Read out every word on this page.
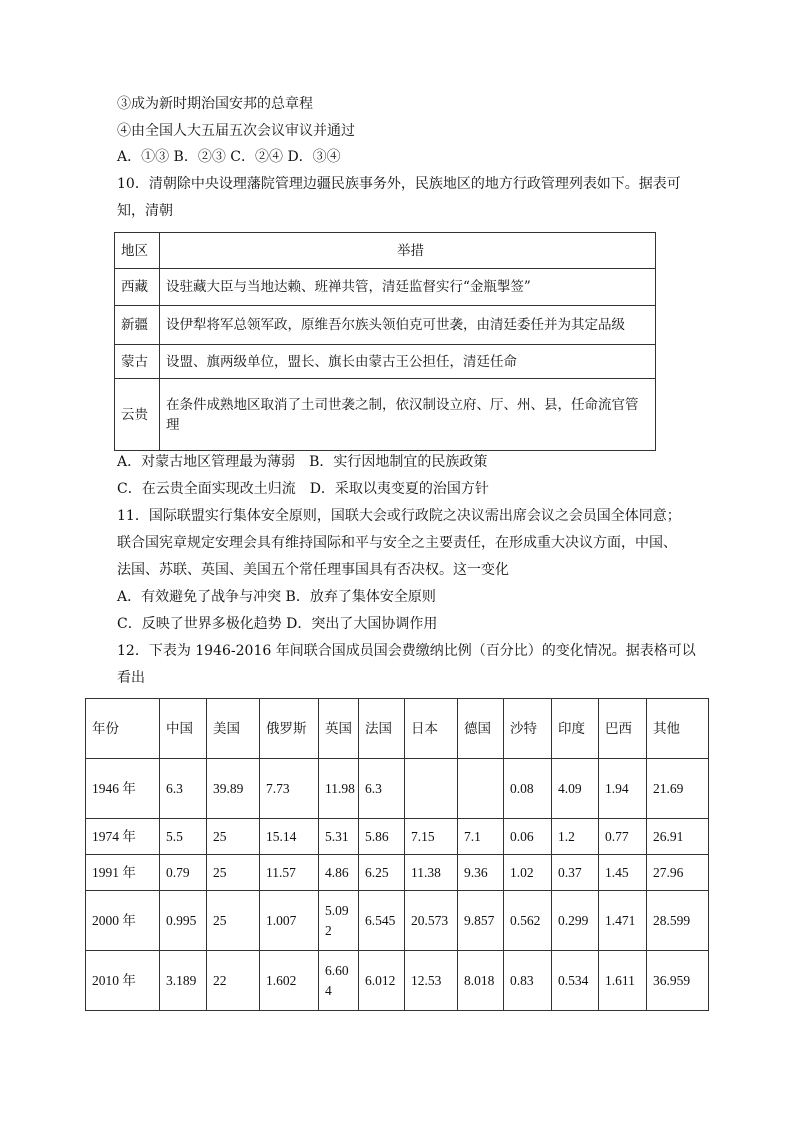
③成为新时期治国安邦的总章程
④由全国人大五届五次会议审议并通过
A．①③ B．②③ C．②④ D．③④
10．清朝除中央设理藩院管理边疆民族事务外，民族地区的地方行政管理列表如下。据表可
知，清朝
地区	举措
西藏	设驻藏大臣与当地达赖、班禅共管，清廷监督实行“金瓶掣签”
新疆	设伊犁将军总领军政，原维吾尔族头领伯克可世袭，由清廷委任并为其定品级
蒙古	设盟、旗两级单位，盟长、旗长由蒙古王公担任，清廷任命
云贵	在条件成熟地区取消了土司世袭之制，依汉制设立府、厅、州、县，任命流官管理
A．对蒙古地区管理最为薄弱　B．实行因地制宜的民族政策
C．在云贵全面实现改土归流　D．采取以夷变夏的治国方针
11．国际联盟实行集体安全原则，国联大会或行政院之决议需出席会议之会员国全体同意；
联合国宪章规定安理会具有维持国际和平与安全之主要责任，在形成重大决议方面，中国、
法国、苏联、英国、美国五个常任理事国具有否决权。这一变化
A．有效避免了战争与冲突 B．放弃了集体安全原则
C．反映了世界多极化趋势 D．突出了大国协调作用
12．下表为 1946-2016 年间联合国成员国会费缴纳比例（百分比）的变化情况。据表格可以
看出
年份	中国	美国	俄罗斯	英国	法国	日本	德国	沙特	印度	巴西	其他
1946 年	6.3	39.89	7.73	11.98	6.3			0.08	4.09	1.94	21.69
1974 年	5.5	25	15.14	5.31	5.86	7.15	7.1	0.06	1.2	0.77	26.91
1991 年	0.79	25	11.57	4.86	6.25	11.38	9.36	1.02	0.37	1.45	27.96
2000 年	0.995	25	1.007	5.092	6.545	20.573	9.857	0.562	0.299	1.471	28.599
2010 年	3.189	22	1.602	6.604	6.012	12.53	8.018	0.83	0.534	1.611	36.959
